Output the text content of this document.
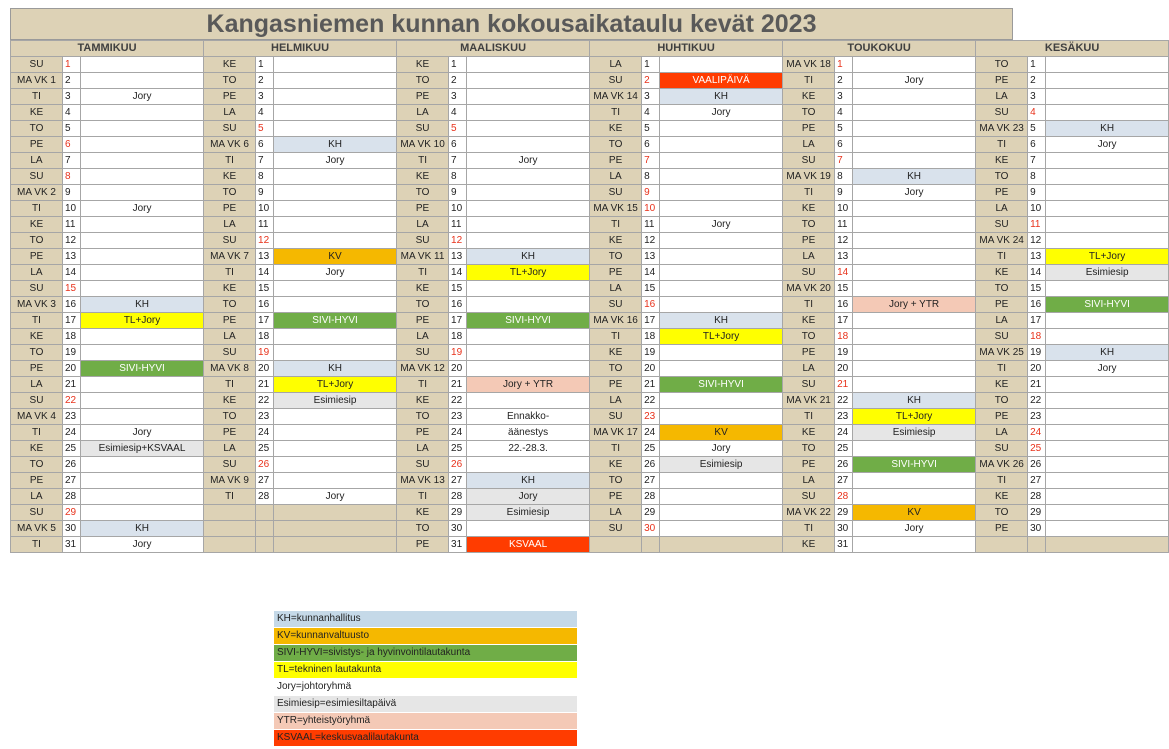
Kangasniemen kunnan kokousaikataulu kevät 2023
TAMMIKUU			HELMIKUU			MAALISKUU			HUHTIKUU			TOUKOKUU			KESÄKUU		
SU	1		KE	1		KE	1		LA	1		MA VK 18	1		TO	1	
MA VK 1	2		TO	2		TO	2		SU	2	VAALIPÄIVÄ	TI	2	Jory	PE	2	
TI	3	Jory	PE	3		PE	3		MA VK 14	3	KH	KE	3		LA	3	
KE	4		LA	4		LA	4		TI	4	Jory	TO	4		SU	4	
TO	5		SU	5		SU	5		KE	5		PE	5		MA VK 23	5	KH
PE	6		MA VK 6	6	KH	MA VK 10	6		TO	6		LA	6		TI	6	Jory
LA	7		TI	7	Jory	TI	7	Jory	PE	7		SU	7		KE	7	
SU	8		KE	8		KE	8		LA	8		MA VK 19	8	KH	TO	8	
MA VK 2	9		TO	9		TO	9		SU	9		TI	9	Jory	PE	9	
TI	10	Jory	PE	10		PE	10		MA VK 15	10		KE	10		LA	10	
KE	11		LA	11		LA	11		TI	11	Jory	TO	11		SU	11	
TO	12		SU	12		SU	12		KE	12		PE	12		MA VK 24	12	
PE	13		MA VK 7	13	KV	MA VK 11	13	KH	TO	13		LA	13		TI	13	TL+Jory
LA	14		TI	14	Jory	TI	14	TL+Jory	PE	14		SU	14		KE	14	Esimiesip
SU	15		KE	15		KE	15		LA	15		MA VK 20	15		TO	15	
MA VK 3	16	KH	TO	16		TO	16		SU	16		TI	16	Jory + YTR	PE	16	SIVI-HYVI
TI	17	TL+Jory	PE	17	SIVI-HYVI	PE	17	SIVI-HYVI	MA VK 16	17	KH	KE	17		LA	17	
KE	18		LA	18		LA	18		TI	18	TL+Jory	TO	18		SU	18	
TO	19		SU	19		SU	19		KE	19		PE	19		MA VK 25	19	KH
PE	20	SIVI-HYVI	MA VK 8	20	KH	MA VK 12	20		TO	20		LA	20		TI	20	Jory
LA	21		TI	21	TL+Jory	TI	21	Jory + YTR	PE	21	SIVI-HYVI	SU	21		KE	21	
SU	22		KE	22	Esimiesip	KE	22		LA	22		MA VK 21	22	KH	TO	22	
MA VK 4	23		TO	23		TO	23	Ennakko-	SU	23		TI	23	TL+Jory	PE	23	
TI	24	Jory	PE	24		PE	24	äänestys	MA VK 17	24	KV	KE	24	Esimiesip	LA	24	
KE	25	Esimiesip+KSVAAL	LA	25		LA	25	22.-28.3.	TI	25	Jory	TO	25		SU	25	
TO	26		SU	26		SU	26		KE	26	Esimiesip	PE	26	SIVI-HYVI	MA VK 26	26	
PE	27		MA VK 9	27		MA VK 13	27	KH	TO	27		LA	27		TI	27	
LA	28		TI	28	Jory	TI	28	Jory	PE	28		SU	28		KE	28	
SU	29					KE	29	Esimiesip	LA	29		MA VK 22	29	KV	TO	29	
MA VK 5	30	KH				TO	30		SU	30		TI	30	Jory	PE	30	
TI	31	Jory				PE	31	KSVAAL				KE	31				
KH=kunnanhallitus
KV=kunnanvaltuusto
SIVI-HYVI=sivistys- ja hyvinvointilautakunta
TL=tekninen lautakunta
Jory=johtoryhmä
Esimiesip=esimiesiltapäivä
YTR=yhteistyöryhmä
KSVAAL=keskusvaalilautakunta
